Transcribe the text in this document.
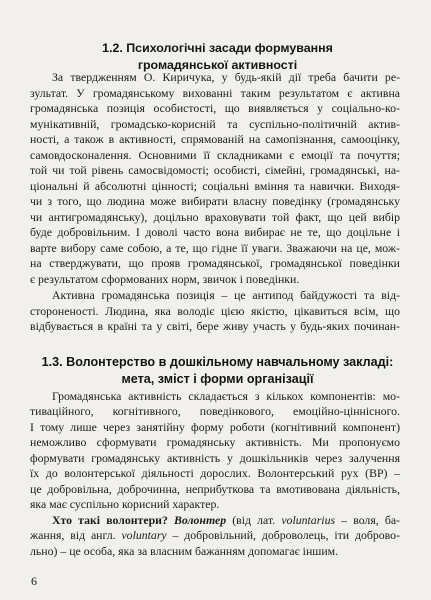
1.2. Психологічні засади формування
громадянської активності
За твердженням О. Киричука, у будь-якій дії треба бачити ре-
зультат. У громадянському вихованні таким результатом є активна
громадянська позиція особистості, що виявляється у соціально-ко-
мунікативній, громадсько-корисній та суспільно-політичній актив-
ності, а також в активності, спрямованій на самопізнання, самооцінку,
самовдосконалення. Основними її складниками є емоції та почуття;
той чи той рівень самосвідомості; особисті, сімейні, громадянські, на-
ціональні й абсолютні цінності; соціальні вміння та навички. Виходя-
чи з того, що людина може вибирати власну поведінку (громадянську
чи антигромадянську), доцільно враховувати той факт, що цей вибір
буде добровільним. І доволі часто вона вибирає не те, що доцільне і
варте вибору саме собою, а те, що гідне її уваги. Зважаючи на це, мож-
на стверджувати, що прояв громадянської, громадянської поведінки
є результатом сформованих норм, звичок і поведінки.
Активна громадянська позиція – це антипод байдужості та від-
стороненості. Людина, яка володіє цією якістю, цікавиться всім, що
відбувається в країні та у світі, бере живу участь у будь-яких починан-
1.3. Волонтерство в дошкільному навчальному закладі:
мета, зміст і форми організації
Громадянська активність складається з кількох компонентів: мо-
тиваційного, когнітивного, поведінкового, емоційно-ціннісного.
І тому лише через занятійну форму роботи (когнітивний компонент)
неможливо сформувати громадянську активність. Ми пропонуємо
формувати громадянську активність у дошкільників через залучення
їх до волонтерської діяльності дорослих. Волонтерський рух (ВР) –
це добровільна, доброчинна, неприбуткова та вмотивована діяльність,
яка має суспільно корисний характер.
Хто такі волонтери? Волонтер (від лат. voluntarius – воля, ба-
жання, від англ. voluntary – добровільний, доброволець, іти доброво-
льно) – це особа, яка за власним бажанням допомагає іншим.
6
